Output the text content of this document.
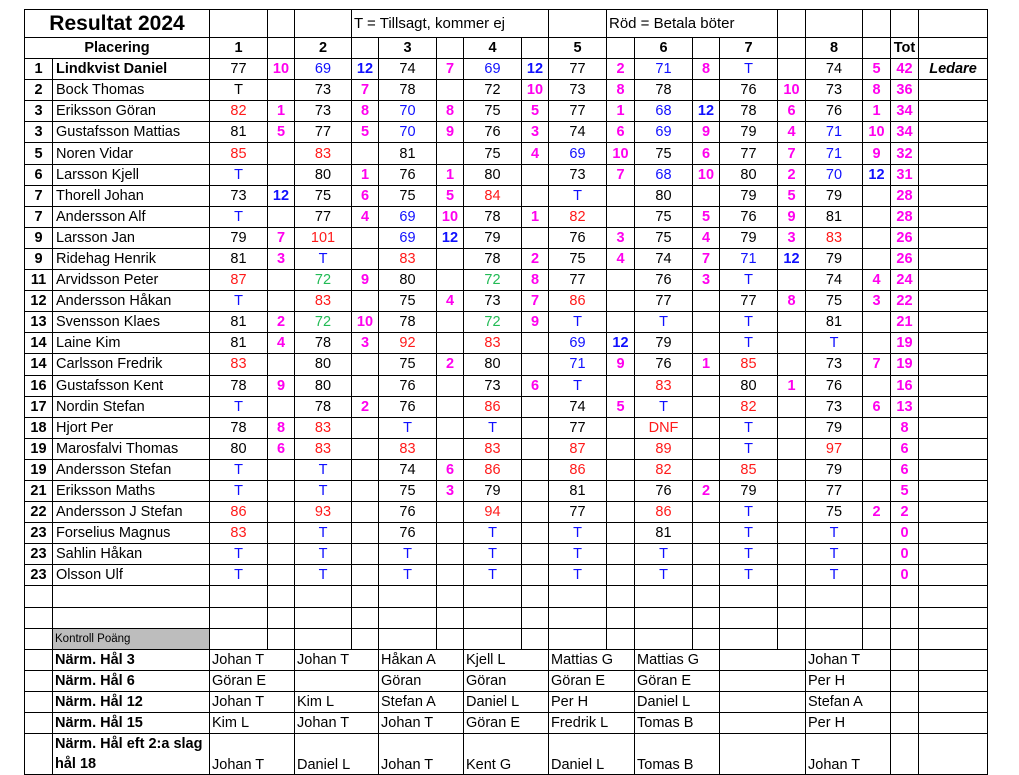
Resultat 2024					T = Tillsagt, kommer ej						Röd = Betala böter								
Placering		1		2		3		4		5		6		7		8		Tot	
1	Lindkvist Daniel	77	10	69	12	74	7	69	12	77	2	71	8	T		74	5	42	Ledare
2	Bock Thomas	T		73	7	78		72	10	73	8	78		76	10	73	8	36	
3	Eriksson Göran	82	1	73	8	70	8	75	5	77	1	68	12	78	6	76	1	34	
3	Gustafsson Mattias	81	5	77	5	70	9	76	3	74	6	69	9	79	4	71	10	34	
5	Noren Vidar	85		83		81		75	4	69	10	75	6	77	7	71	9	32	
6	Larsson Kjell	T		80	1	76	1	80		73	7	68	10	80	2	70	12	31	
7	Thorell Johan	73	12	75	6	75	5	84		T		80		79	5	79		28	
7	Andersson Alf	T		77	4	69	10	78	1	82		75	5	76	9	81		28	
9	Larsson Jan	79	7	101		69	12	79		76	3	75	4	79	3	83		26	
9	Ridehag Henrik	81	3	T		83		78	2	75	4	74	7	71	12	79		26	
11	Arvidsson Peter	87		72	9	80		72	8	77		76	3	T		74	4	24	
12	Andersson Håkan	T		83		75	4	73	7	86		77		77	8	75	3	22	
13	Svensson Klaes	81	2	72	10	78		72	9	T		T		T		81		21	
14	Laine Kim	81	4	78	3	92		83		69	12	79		T		T		19	
14	Carlsson Fredrik	83		80		75	2	80		71	9	76	1	85		73	7	19	
16	Gustafsson Kent	78	9	80		76		73	6	T		83		80	1	76		16	
17	Nordin Stefan	T		78	2	76		86		74	5	T		82		73	6	13	
18	Hjort Per	78	8	83		T		T		77		DNF		T		79		8	
19	Marosfalvi Thomas	80	6	83		83		83		87		89		T		97		6	
19	Andersson Stefan	T		T		74	6	86		86		82		85		79		6	
21	Eriksson Maths	T		T		75	3	79		81		76	2	79		77		5	
22	Andersson J Stefan	86		93		76		94		77		86		T		75	2	2	
23	Forselius Magnus	83		T		76		T		T		81		T		T		0	
23	Sahlin Håkan	T		T		T		T		T		T		T		T		0	
23	Olsson Ulf	T		T		T		T		T		T		T		T		0	

	Kontroll Poäng																		
	Närm. Hål 3	Johan T		Johan T		Håkan A		Kjell L		Mattias G		Mattias G				Johan T			
	Närm. Hål 6	Göran E				Göran		Göran		Göran E		Göran E				Per H			
	Närm. Hål 12	Johan T		Kim L		Stefan A		Daniel L		Per H		Daniel L				Stefan A			
	Närm. Hål 15	Kim L		Johan T		Johan T		Göran E		Fredrik L		Tomas B				Per H			
	Närm. Hål eft 2:a slag hål 18	Johan T		Daniel L		Johan T		Kent G		Daniel L		Tomas B				Johan T			
